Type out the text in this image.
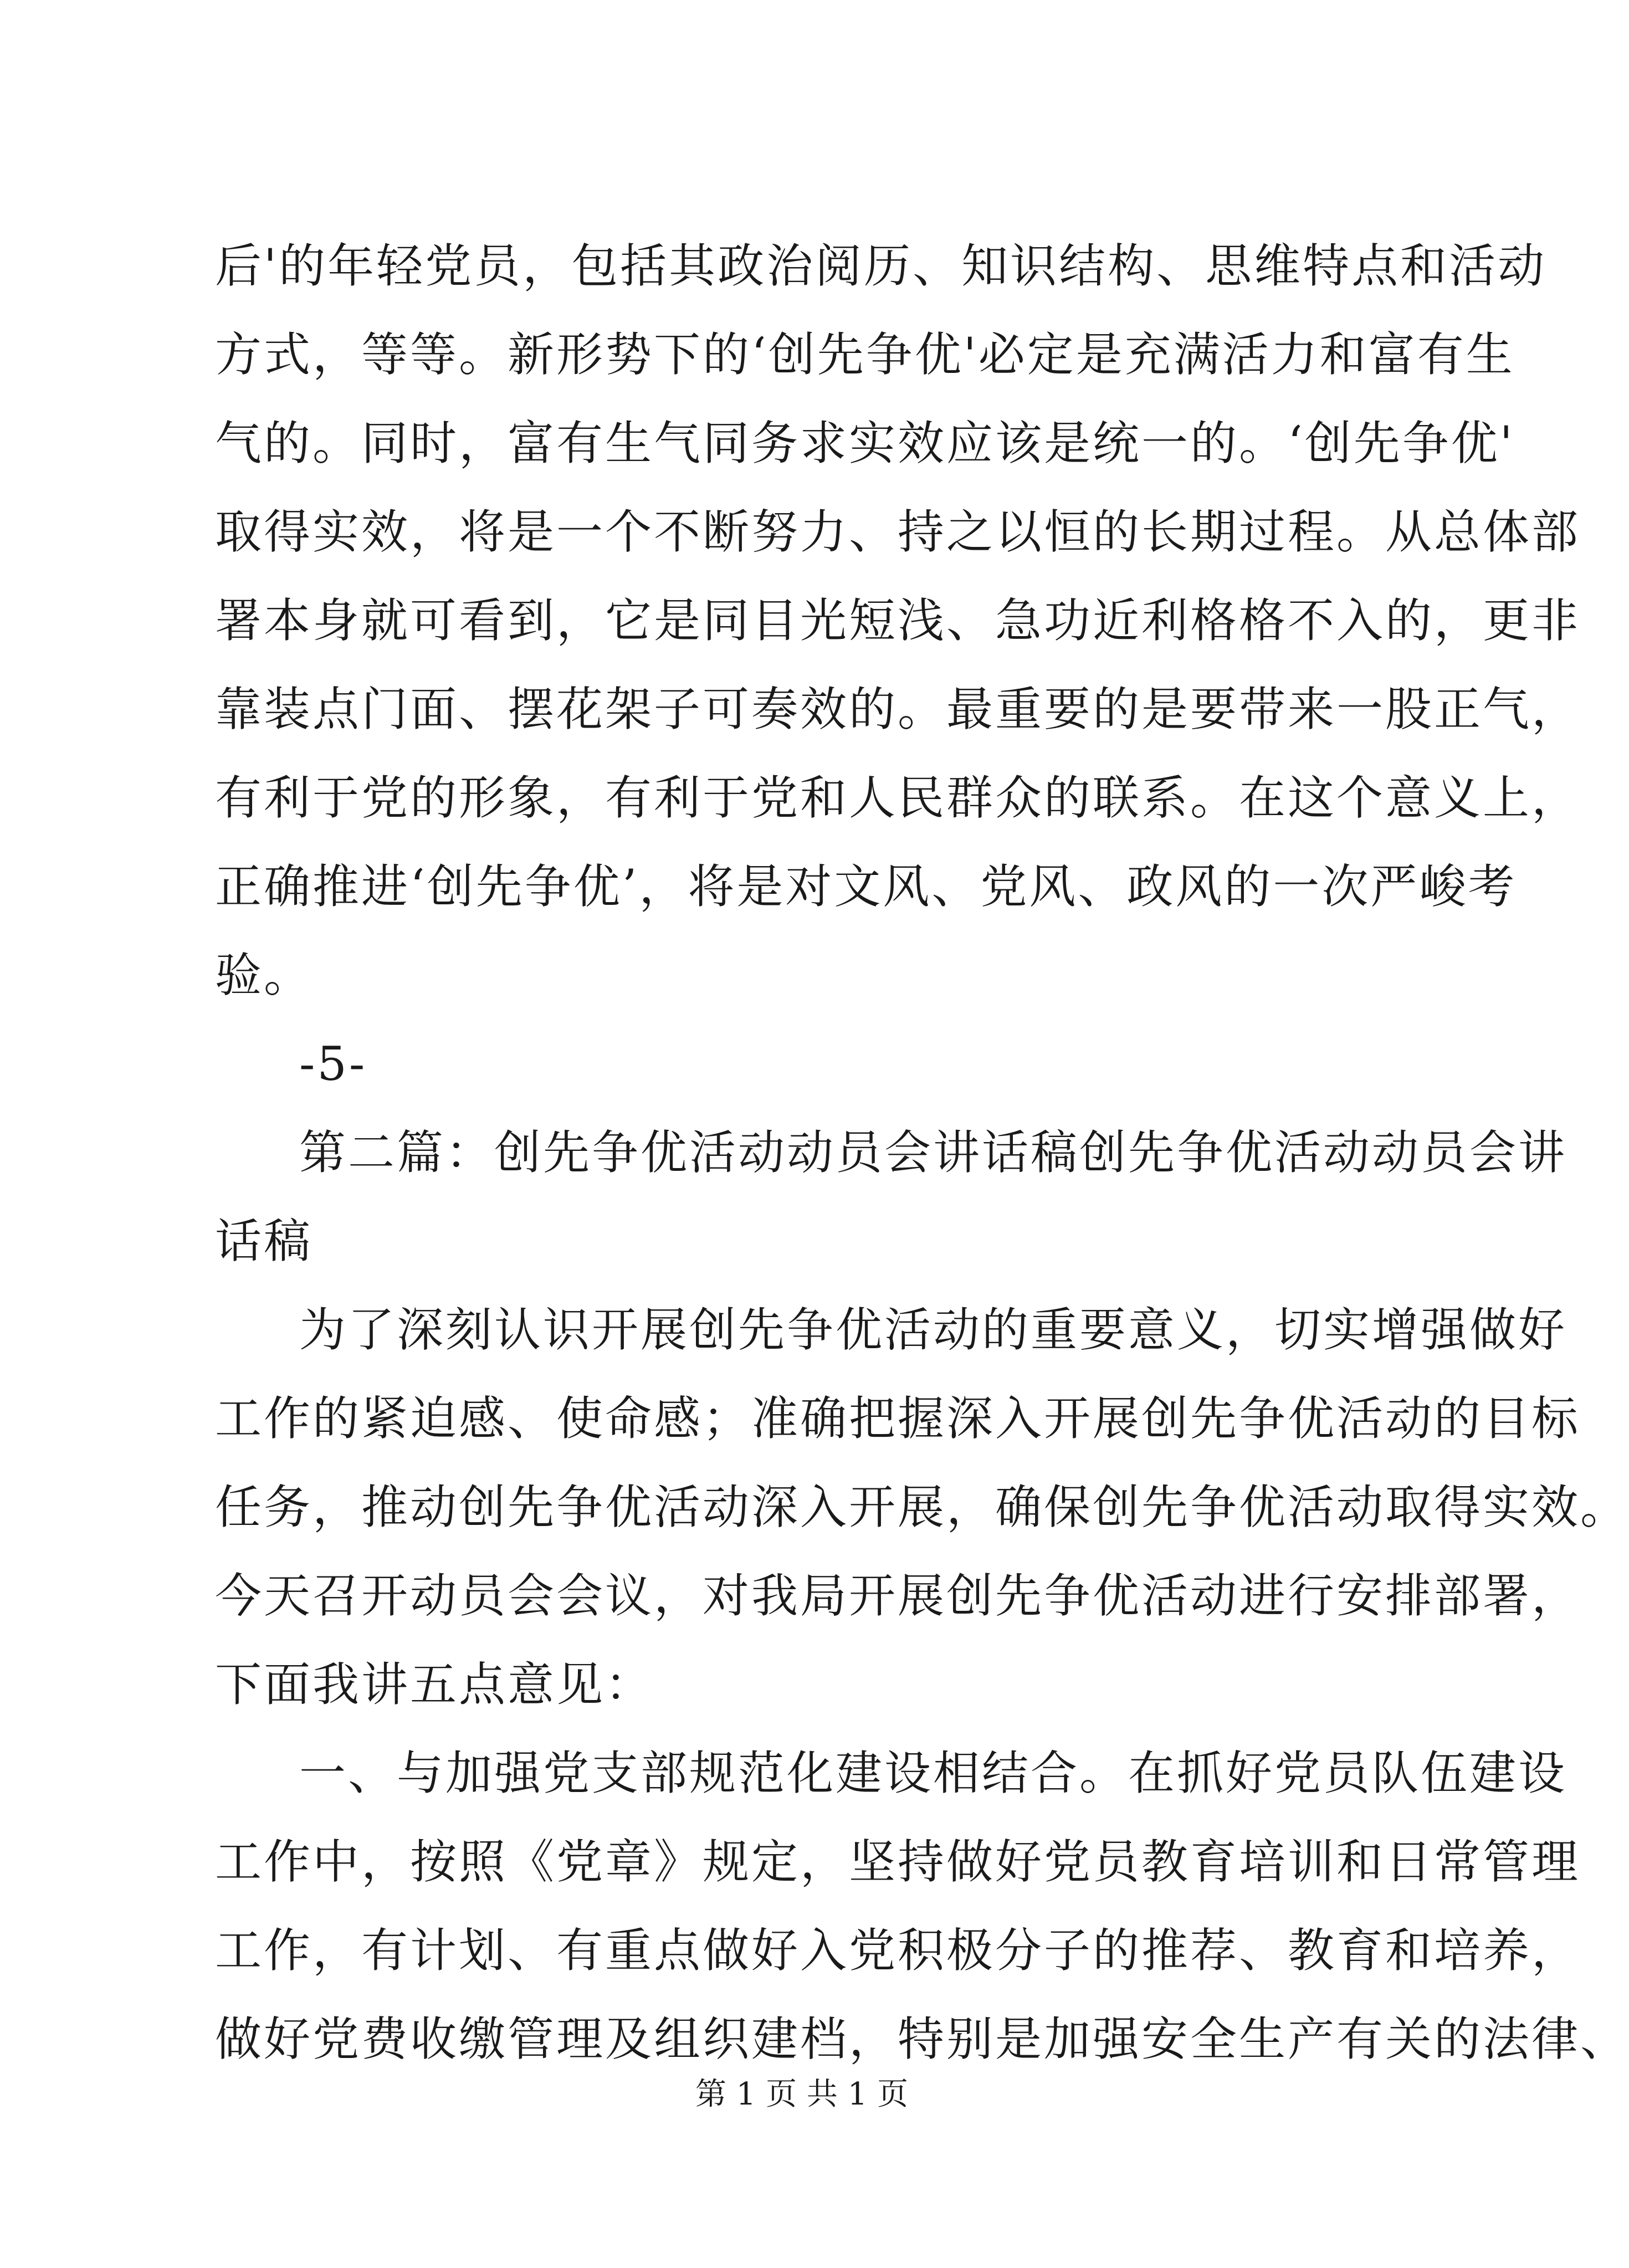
后'的年轻党员，包括其政治阅历、知识结构、思维特点和活动
方式，等等。新形势下的‘创先争优'必定是充满活力和富有生
气的。同时，富有生气同务求实效应该是统一的。‘创先争优'
取得实效，将是一个不断努力、持之以恒的长期过程。从总体部
署本身就可看到，它是同目光短浅、急功近利格格不入的，更非
靠装点门面、摆花架子可奏效的。最重要的是要带来一股正气，
有利于党的形象，有利于党和人民群众的联系。在这个意义上，
正确推进‘创先争优’，将是对文风、党风、政风的一次严峻考
验。
-5-
第二篇：创先争优活动动员会讲话稿创先争优活动动员会讲
话稿
为了深刻认识开展创先争优活动的重要意义，切实增强做好
工作的紧迫感、使命感；准确把握深入开展创先争优活动的目标
任务，推动创先争优活动深入开展，确保创先争优活动取得实效。
今天召开动员会会议，对我局开展创先争优活动进行安排部署，
下面我讲五点意见：
一、与加强党支部规范化建设相结合。在抓好党员队伍建设
工作中，按照《党章》规定，坚持做好党员教育培训和日常管理
工作，有计划、有重点做好入党积极分子的推荐、教育和培养，
做好党费收缴管理及组织建档，特别是加强安全生产有关的法律、
第 1 页 共 1 页
